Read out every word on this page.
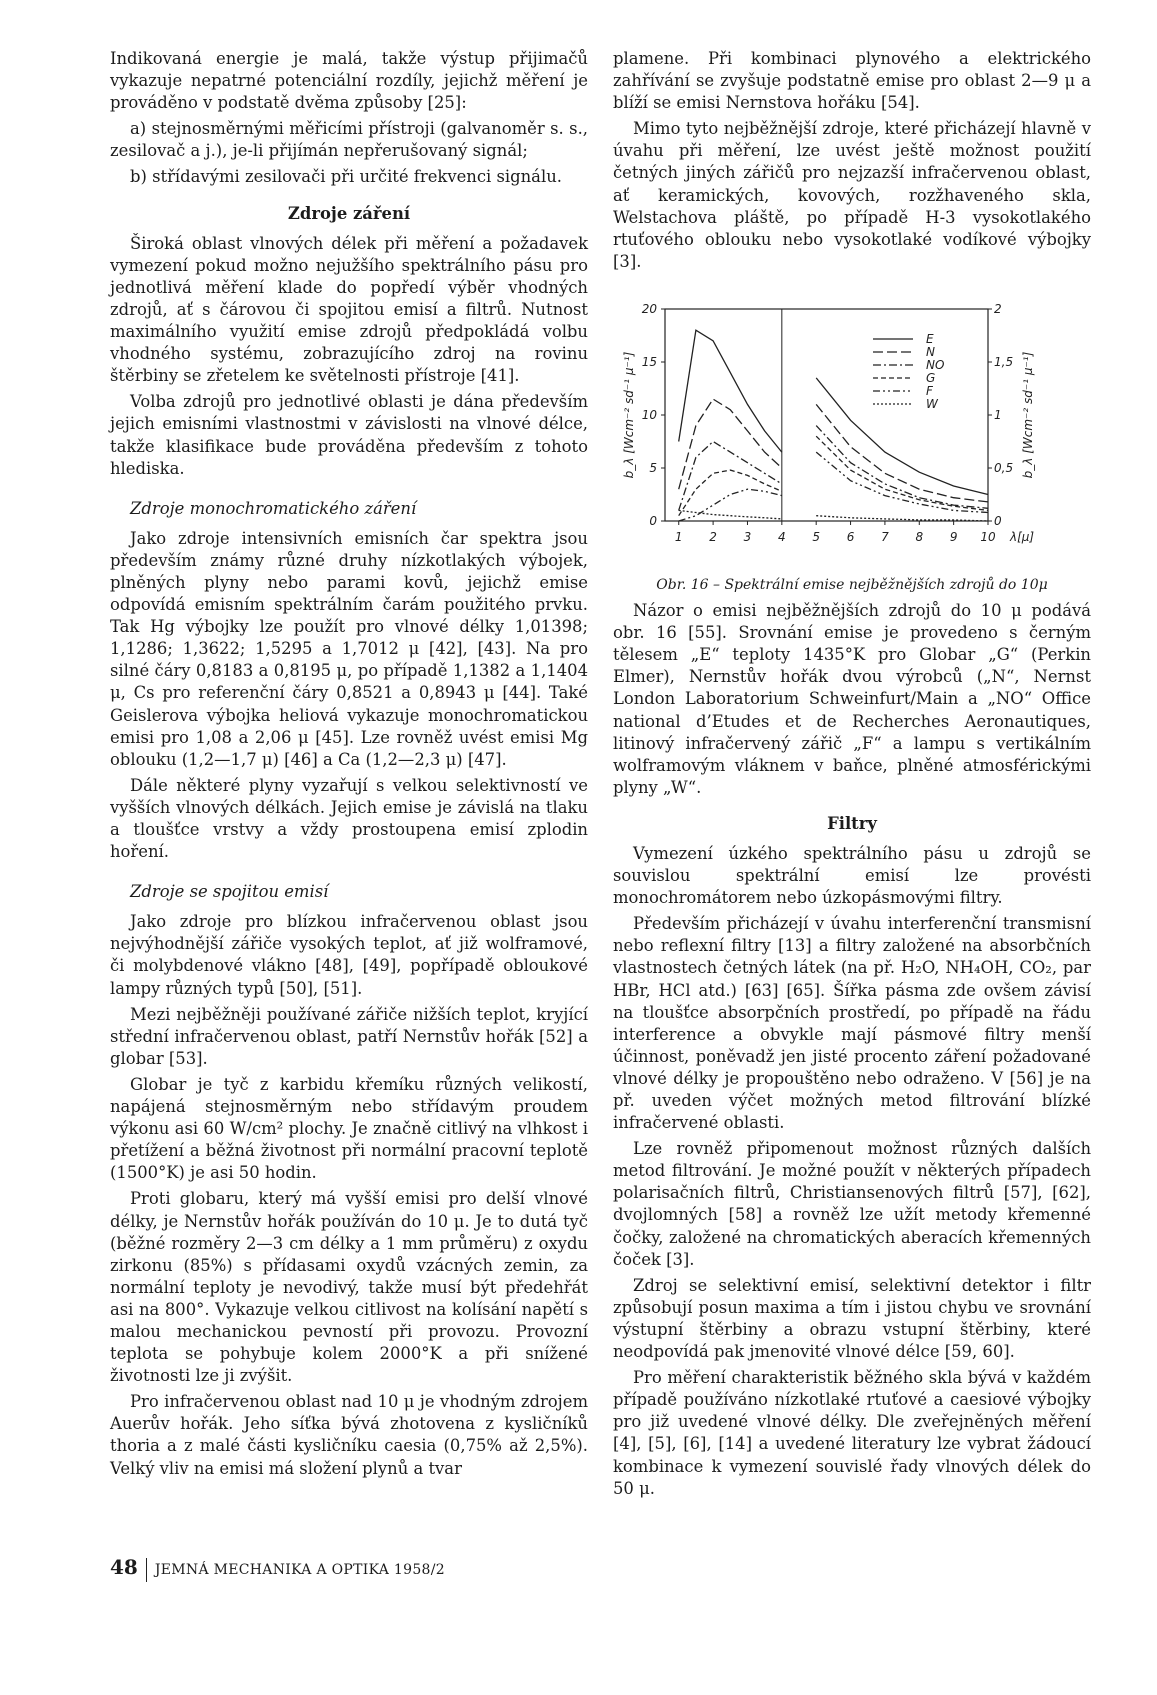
Indikovaná energie je malá, takže výstup přijimačů vykazuje nepatrné potenciální rozdíly, jejichž měření je prováděno v podstatě dvěma způsoby [25]:

a) stejnosměrnými měřicími přístroji (galvanoměr s. s., zesilovač a j.), je-li přijímán nepřerušovaný signál;

b) střídavými zesilovači při určité frekvenci signálu.

Zdroje záření

Široká oblast vlnových délek při měření a požadavek vymezení pokud možno nejužšího spektrálního pásu pro jednotlivá měření klade do popředí výběr vhodných zdrojů, ať s čárovou či spojitou emisí a filtrů. Nutnost maximálního využití emise zdrojů předpokládá volbu vhodného systému, zobrazujícího zdroj na rovinu štěrbiny se zřetelem ke světelnosti přístroje [41].

Volba zdrojů pro jednotlivé oblasti je dána především jejich emisními vlastnostmi v závislosti na vlnové délce, takže klasifikace bude prováděna především z tohoto hlediska.

Zdroje monochromatického záření

Jako zdroje intensivních emisních čar spektra jsou především známy různé druhy nízkotlakých výbojek, plněných plyny nebo parami kovů, jejichž emise odpovídá emisním spektrálním čarám použitého prvku. Tak Hg výbojky lze použít pro vlnové délky 1,01398; 1,1286; 1,3622; 1,5295 a 1,7012 μ [42], [43]. Na pro silné čáry 0,8183 a 0,8195 μ, po případě 1,1382 a 1,1404 μ, Cs pro referenční čáry 0,8521 a 0,8943 μ [44]. Také Geislerova výbojka heliová vykazuje monochromatickou emisi pro 1,08 a 2,06 μ [45]. Lze rovněž uvést emisi Mg oblouku (1,2—1,7 μ) [46] a Ca (1,2—2,3 μ) [47].

Dále některé plyny vyzařují s velkou selektivností ve vyšších vlnových délkách. Jejich emise je závislá na tlaku a tloušťce vrstvy a vždy prostoupena emisí zplodin hoření.

Zdroje se spojitou emisí

Jako zdroje pro blízkou infračervenou oblast jsou nejvýhodnější zářiče vysokých teplot, ať již wolframové, či molybdenové vlákno [48], [49], popřípadě obloukové lampy různých typů [50], [51].

Mezi nejběžněji používané zářiče nižších teplot, kryjící střední infračervenou oblast, patří Nernstův hořák [52] a globar [53].

Globar je tyč z karbidu křemíku různých velikostí, napájená stejnosměrným nebo střídavým proudem výkonu asi 60 W/cm² plochy. Je značně citlivý na vlhkost i přetížení a běžná životnost při normální pracovní teplotě (1500°K) je asi 50 hodin.

Proti globaru, který má vyšší emisi pro delší vlnové délky, je Nernstův hořák používán do 10 μ. Je to dutá tyč (běžné rozměry 2—3 cm délky a 1 mm průměru) z oxydu zirkonu (85%) s přídasami oxydů vzácných zemin, za normální teploty je nevodivý, takže musí být předehřát asi na 800°. Vykazuje velkou citlivost na kolísání napětí s malou mechanickou pevností při provozu. Provozní teplota se pohybuje kolem 2000°K a při snížené životnosti lze ji zvýšit.

Pro infračervenou oblast nad 10 μ je vhodným zdrojem Auerův hořák. Jeho síťka bývá zhotovena z kysličníků thoria a z malé části kysličníku caesia (0,75% až 2,5%). Velký vliv na emisi má složení plynů a tvar

plamene. Při kombinaci plynového a elektrického zahřívání se zvyšuje podstatně emise pro oblast 2—9 μ a blíží se emisi Nernstova hořáku [54].

Mimo tyto nejběžnější zdroje, které přicházejí hlavně v úvahu při měření, lze uvést ještě možnost použití četných jiných zářičů pro nejzazší infračervenou oblast, ať keramických, kovových, rozžhaveného skla, Welstachova pláště, po případě H-3 vysokotlakého rtuťového oblouku nebo vysokotlaké vodíkové výbojky [3].

E
N
NO
G
F
W
1 2 3 4 5 6 7 8 9 10 λ[μ]
0
5
10
15
20
0
0,5
1
1,5
2
b_λ [Wcm⁻² sd⁻¹ μ⁻¹]	b_λ [Wcm⁻² sd⁻¹ μ⁻¹]

Obr. 16 – Spektrální emise nejběžnějších zdrojů do 10μ

Názor o emisi nejběžnějších zdrojů do 10 μ podává obr. 16 [55]. Srovnání emise je provedeno s černým tělesem „E“ teploty 1435°K pro Globar „G“ (Perkin Elmer), Nernstův hořák dvou výrobců („N“, Nernst London Laboratorium Schweinfurt/Main a „NO“ Office national d’Etudes et de Recherches Aeronautiques, litinový infračervený zářič „F“ a lampu s vertikálním wolframovým vláknem v baňce, plněné atmosférickými plyny „W“.

Filtry

Vymezení úzkého spektrálního pásu u zdrojů se souvislou spektrální emisí lze provésti monochromátorem nebo úzkopásmovými filtry.

Především přicházejí v úvahu interferenční transmisní nebo reflexní filtry [13] a filtry založené na absorbčních vlastnostech četných látek (na př. H₂O, NH₄OH, CO₂, par HBr, HCl atd.) [63] [65]. Šířka pásma zde ovšem závisí na tloušťce absorpčních prostředí, po případě na řádu interference a obvykle mají pásmové filtry menší účinnost, poněvadž jen jisté procento záření požadované vlnové délky je propouštěno nebo odraženo. V [56] je na př. uveden výčet možných metod filtrování blízké infračervené oblasti.

Lze rovněž připomenout možnost různých dalších metod filtrování. Je možné použít v některých případech polarisačních filtrů, Christiansenových filtrů [57], [62], dvojlomných [58] a rovněž lze užít metody křemenné čočky, založené na chromatických aberacích křemenných čoček [3].

Zdroj se selektivní emisí, selektivní detektor i filtr způsobují posun maxima a tím i jistou chybu ve srovnání výstupní štěrbiny a obrazu vstupní štěrbiny, které neodpovídá pak jmenovité vlnové délce [59, 60].

Pro měření charakteristik běžného skla bývá v každém případě používáno nízkotlaké rtuťové a caesiové výbojky pro již uvedené vlnové délky. Dle zveřejněných měření [4], [5], [6], [14] a uvedené literatury lze vybrat žádoucí kombinace k vymezení souvislé řady vlnových délek do 50 μ.

48 JEMNÁ MECHANIKA A OPTIKA 1958/2
